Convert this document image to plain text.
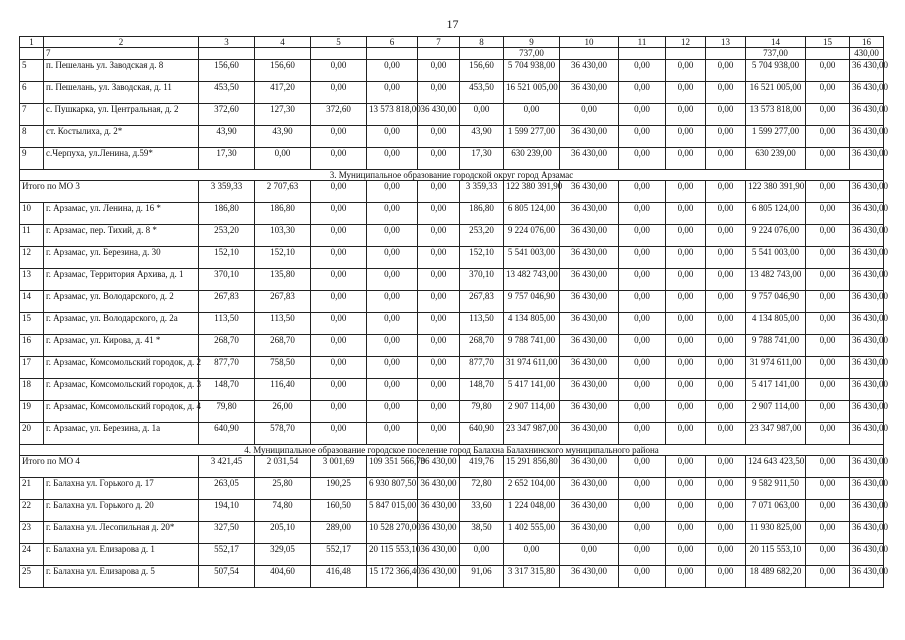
17
1	2	3	4	5	6	7	8	9	10	11	12	13	14	15	16
	7							737,00					737,00		430,00
5	п. Пешелань ул. Заводская д. 8	156,60	156,60	0,00	0,00	0,00	156,60	5 704 938,00	36 430,00	0,00	0,00	0,00	5 704 938,00	0,00	36 430,00
6	п. Пешелань, ул. Заводская, д. 11	453,50	417,20	0,00	0,00	0,00	453,50	16 521 005,00	36 430,00	0,00	0,00	0,00	16 521 005,00	0,00	36 430,00
7	с. Пушкарка, ул. Центральная, д. 2	372,60	127,30	372,60	13 573 818,00	36 430,00	0,00	0,00	0,00	0,00	0,00	0,00	13 573 818,00	0,00	36 430,00
8	ст. Костылиха, д. 2*	43,90	43,90	0,00	0,00	0,00	43,90	1 599 277,00	36 430,00	0,00	0,00	0,00	1 599 277,00	0,00	36 430,00
9	с.Черпуха, ул.Ленина, д.59*	17,30	0,00	0,00	0,00	0,00	17,30	630 239,00	36 430,00	0,00	0,00	0,00	630 239,00	0,00	36 430,00
3. Муниципальное образование городской округ город Арзамас															
Итого по МО 3		3 359,33	2 707,63	0,00	0,00	0,00	3 359,33	122 380 391,90	36 430,00	0,00	0,00	0,00	122 380 391,90	0,00	36 430,00
10	г. Арзамас, ул. Ленина, д. 16 *	186,80	186,80	0,00	0,00	0,00	186,80	6 805 124,00	36 430,00	0,00	0,00	0,00	6 805 124,00	0,00	36 430,00
11	г. Арзамас, пер. Тихий, д. 8 *	253,20	103,30	0,00	0,00	0,00	253,20	9 224 076,00	36 430,00	0,00	0,00	0,00	9 224 076,00	0,00	36 430,00
12	г. Арзамас, ул. Березина, д. 30	152,10	152,10	0,00	0,00	0,00	152,10	5 541 003,00	36 430,00	0,00	0,00	0,00	5 541 003,00	0,00	36 430,00
13	г. Арзамас, Территория Архива, д. 1	370,10	135,80	0,00	0,00	0,00	370,10	13 482 743,00	36 430,00	0,00	0,00	0,00	13 482 743,00	0,00	36 430,00
14	г. Арзамас, ул. Володарского, д. 2	267,83	267,83	0,00	0,00	0,00	267,83	9 757 046,90	36 430,00	0,00	0,00	0,00	9 757 046,90	0,00	36 430,00
15	г. Арзамас, ул. Володарского, д. 2а	113,50	113,50	0,00	0,00	0,00	113,50	4 134 805,00	36 430,00	0,00	0,00	0,00	4 134 805,00	0,00	36 430,00
16	г. Арзамас, ул. Кирова, д. 41 *	268,70	268,70	0,00	0,00	0,00	268,70	9 788 741,00	36 430,00	0,00	0,00	0,00	9 788 741,00	0,00	36 430,00
17	г. Арзамас, Комсомольский городок, д. 2	877,70	758,50	0,00	0,00	0,00	877,70	31 974 611,00	36 430,00	0,00	0,00	0,00	31 974 611,00	0,00	36 430,00
18	г. Арзамас, Комсомольский городок, д. 3	148,70	116,40	0,00	0,00	0,00	148,70	5 417 141,00	36 430,00	0,00	0,00	0,00	5 417 141,00	0,00	36 430,00
19	г. Арзамас, Комсомольский городок, д. 4	79,80	26,00	0,00	0,00	0,00	79,80	2 907 114,00	36 430,00	0,00	0,00	0,00	2 907 114,00	0,00	36 430,00
20	г. Арзамас, ул. Березина, д. 1а	640,90	578,70	0,00	0,00	0,00	640,90	23 347 987,00	36 430,00	0,00	0,00	0,00	23 347 987,00	0,00	36 430,00
4. Муниципальное образование городское поселение город Балахна Балахнинского муниципального района															
Итого по МО 4		3 421,45	2 031,54	3 001,69	109 351 566,70	36 430,00	419,76	15 291 856,80	36 430,00	0,00	0,00	0,00	124 643 423,50	0,00	36 430,00
21	г. Балахна ул. Горького д. 17	263,05	25,80	190,25	6 930 807,50	36 430,00	72,80	2 652 104,00	36 430,00	0,00	0,00	0,00	9 582 911,50	0,00	36 430,00
22	г. Балахна ул. Горького д. 20	194,10	74,80	160,50	5 847 015,00	36 430,00	33,60	1 224 048,00	36 430,00	0,00	0,00	0,00	7 071 063,00	0,00	36 430,00
23	г. Балахна ул. Лесопильная д. 20*	327,50	205,10	289,00	10 528 270,00	36 430,00	38,50	1 402 555,00	36 430,00	0,00	0,00	0,00	11 930 825,00	0,00	36 430,00
24	г. Балахна ул. Елизарова д. 1	552,17	329,05	552,17	20 115 553,10	36 430,00	0,00	0,00	0,00	0,00	0,00	0,00	20 115 553,10	0,00	36 430,00
25	г. Балахна ул. Елизарова д. 5	507,54	404,60	416,48	15 172 366,40	36 430,00	91,06	3 317 315,80	36 430,00	0,00	0,00	0,00	18 489 682,20	0,00	36 430,00
